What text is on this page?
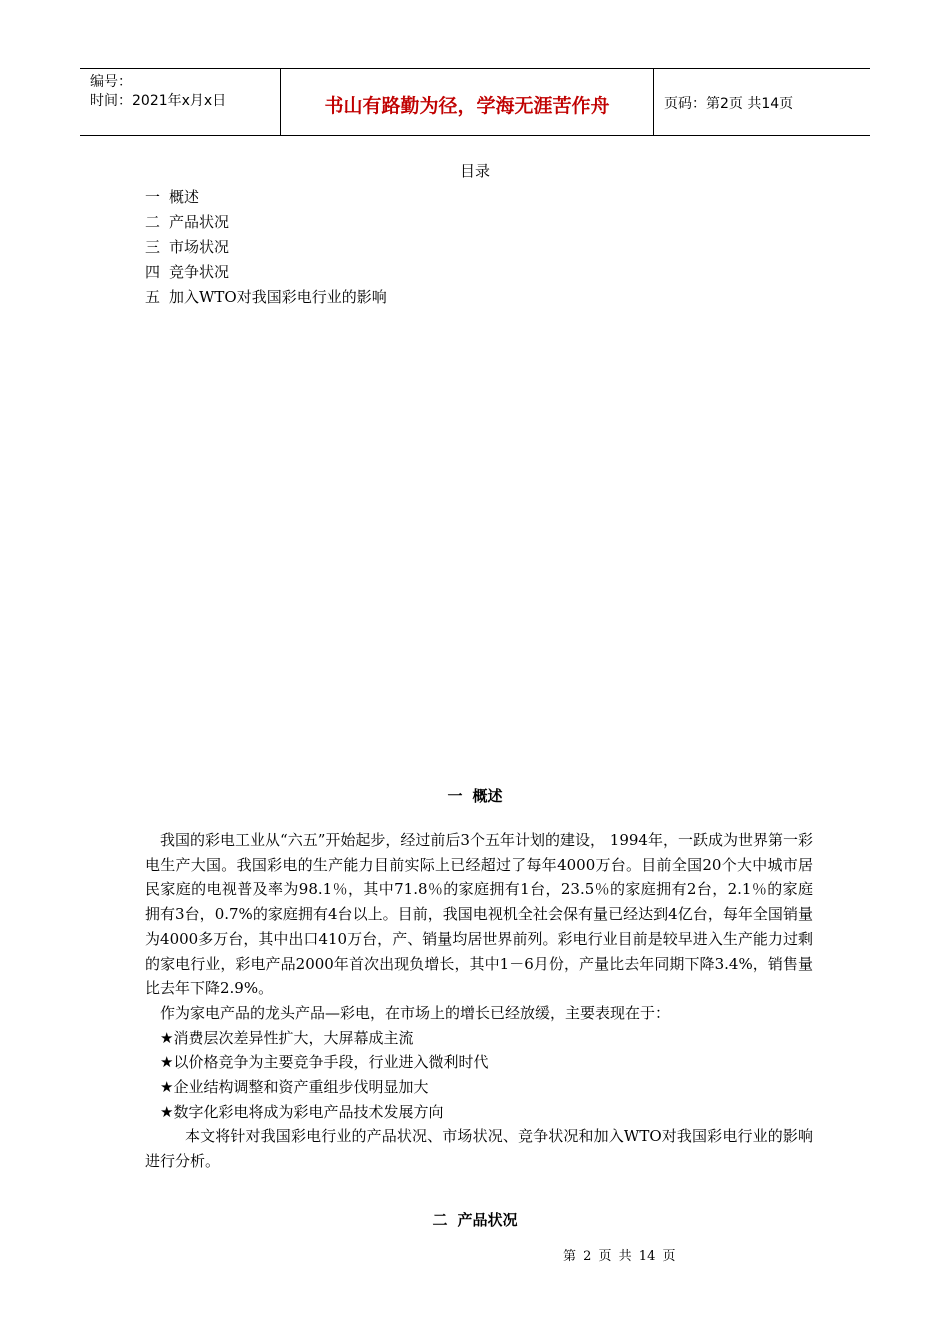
编号：
时间：2021年x月x日	书山有路勤为径，学海无涯苦作舟	页码：第2页 共14页
目录
一 概述
二 产品状况
三 市场状况
四 竞争状况
五 加入WTO对我国彩电行业的影响
一 概述

我国的彩电工业从“六五”开始起步，经过前后3个五年计划的建设， 1994年，一跃成为世界第一彩电生产大国。我国彩电的生产能力目前实际上已经超过了每年4000万台。目前全国20个大中城市居民家庭的电视普及率为98.1％，其中71.8％的家庭拥有1台，23.5％的家庭拥有2台，2.1％的家庭拥有3台，0.7%的家庭拥有4台以上。目前，我国电视机全社会保有量已经达到4亿台，每年全国销量为4000多万台，其中出口410万台，产、销量均居世界前列。彩电行业目前是较早进入生产能力过剩的家电行业，彩电产品2000年首次出现负增长，其中1－6月份，产量比去年同期下降3.4%，销售量比去年下降2.9%。

作为家电产品的龙头产品—彩电，在市场上的增长已经放缓，主要表现在于：

★消费层次差异性扩大，大屏幕成主流

★以价格竞争为主要竞争手段，行业进入微利时代

★企业结构调整和资产重组步伐明显加大

★数字化彩电将成为彩电产品技术发展方向

本文将针对我国彩电行业的产品状况、市场状况、竞争状况和加入WTO对我国彩电行业的影响进行分析。

二 产品状况
第 2 页 共 14 页
